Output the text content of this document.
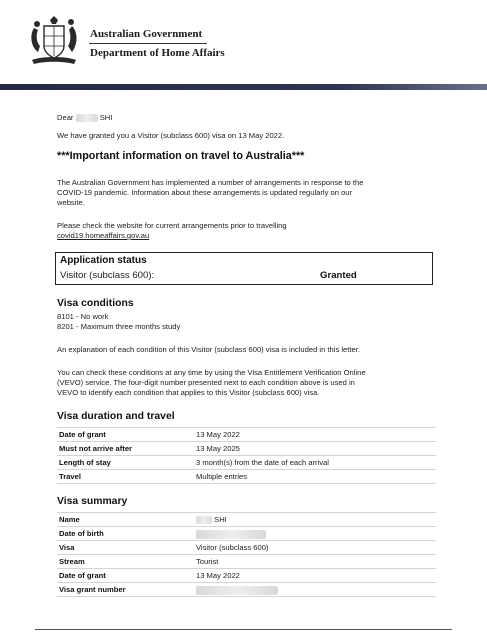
Australian Government
Department of Home Affairs
Dear	SHI
We have granted you a Visitor (subclass 600) visa on 13 May 2022.
***Important information on travel to Australia***
The Australian Government has implemented a number of arrangements in response to the
COVID-19 pandemic. Information about these arrangements is updated regularly on our
website.
Please check the website for current arrangements prior to travelling
covid19.homeaffairs.gov.au
Application status
Visitor (subclass 600):	Granted
Visa conditions
8101 - No work
8201 - Maximum three months study
An explanation of each condition of this Visitor (subclass 600) visa is included in this letter.
You can check these conditions at any time by using the Visa Entitlement Verification Online
(VEVO) service. The four-digit number presented next to each condition above is used in
VEVO to identify each condition that applies to this Visitor (subclass 600) visa.
Visa duration and travel
Date of grant	13 May 2022
Must not arrive after	13 May 2025
Length of stay	3 month(s) from the date of each arrival
Travel	Multiple entries
Visa summary
Name	SHI
Date of birth
Visa	Visitor (subclass 600)
Stream	Tourist
Date of grant	13 May 2022
Visa grant number
